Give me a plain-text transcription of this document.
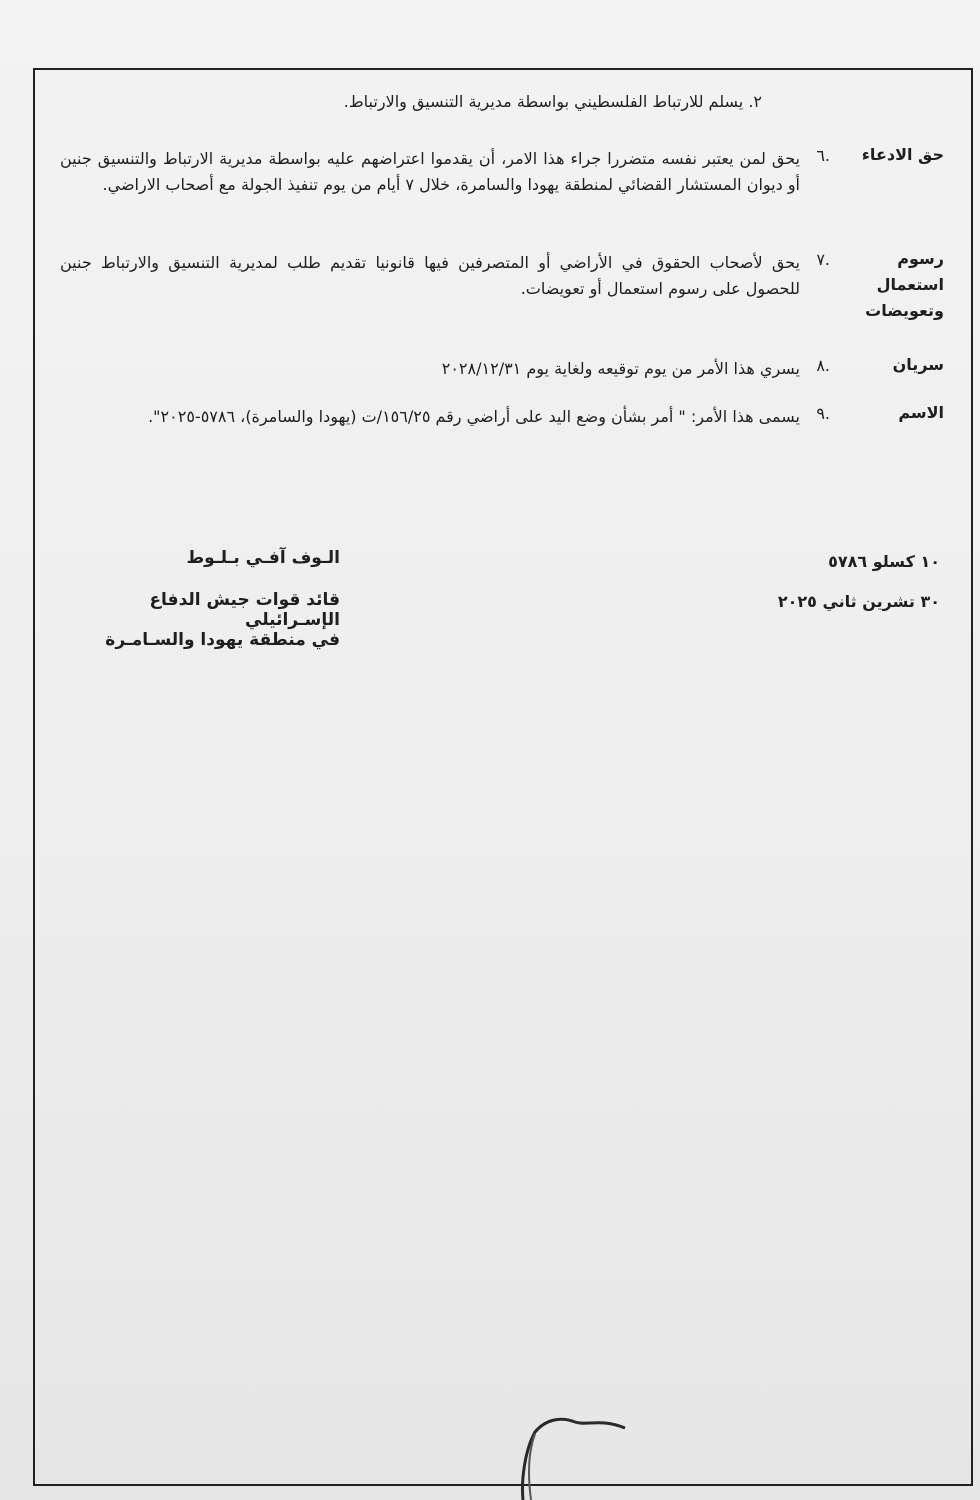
٢. يسلم للارتباط الفلسطيني بواسطة مديرية التنسيق والارتباط.
حق الادعاء
٦.
يحق لمن يعتبر نفسه متضررا جراء هذا الامر، أن يقدموا اعتراضهم عليه بواسطة مديرية الارتباط والتنسيق جنين أو ديوان المستشار القضائي لمنطقة يهودا والسامرة، خلال ٧ أيام من يوم تنفيذ الجولة مع أصحاب الاراضي.
رسوم استعمال وتعويضات
٧.
يحق لأصحاب الحقوق في الأراضي أو المتصرفين فيها قانونيا تقديم طلب لمديرية التنسيق والارتباط جنين للحصول على رسوم استعمال أو تعويضات.
سريان
٨.
يسري هذا الأمر من يوم توقيعه ولغاية يوم ٢٠٢٨/١٢/٣١
الاسم
٩.
يسمى هذا الأمر: " أمر بشأن وضع اليد على أراضي رقم ١٥٦/٢٥/ت (يهودا والسامرة)، ٥٧٨٦-٢٠٢٥".
١٠ كسلو ٥٧٨٦
٣٠ تشرين ثاني ٢٠٢٥
الـوف آفـي بـلـوط
قائد قوات جيش الدفاع الإسـرائيلي
في منطقة يهودا والسـامـرة
